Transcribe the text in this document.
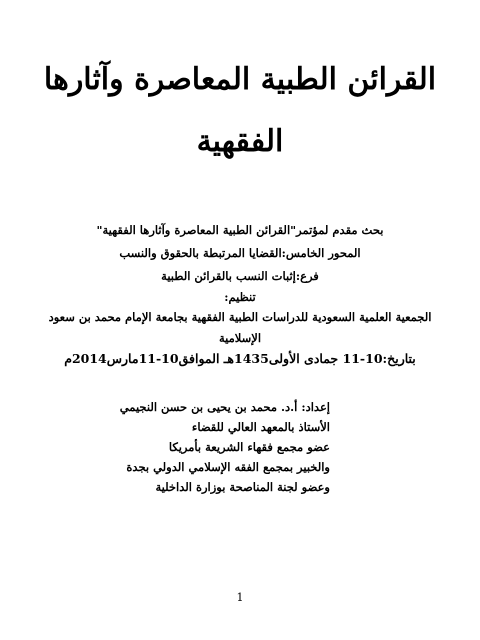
القرائن الطبية المعاصرة وآثارها
الفقهية
بحث مقدم لمؤتمر"القرائن الطبية المعاصرة وآثارها الفقهية"
المحور الخامس:القضايا المرتبطة بالحقوق والنسب
فرع:إثبات النسب بالقرائن الطبية
تنظيم:
الجمعية العلمية السعودية للدراسات الطبية الفقهية بجامعة الإمام محمد بن سعود
الإسلامية
بتاريخ:10-11 جمادى الأولى1435هـ الموافق10-11مارس2014م
إعداد: أ.د. محمد بن يحيى بن حسن النجيمي
الأستاذ بالمعهد العالي للقضاء
عضو مجمع فقهاء الشريعة بأمريكا
والخبير بمجمع الفقه الإسلامي الدولي بجدة
وعضو لجنة المناصحة بوزارة الداخلية
1
